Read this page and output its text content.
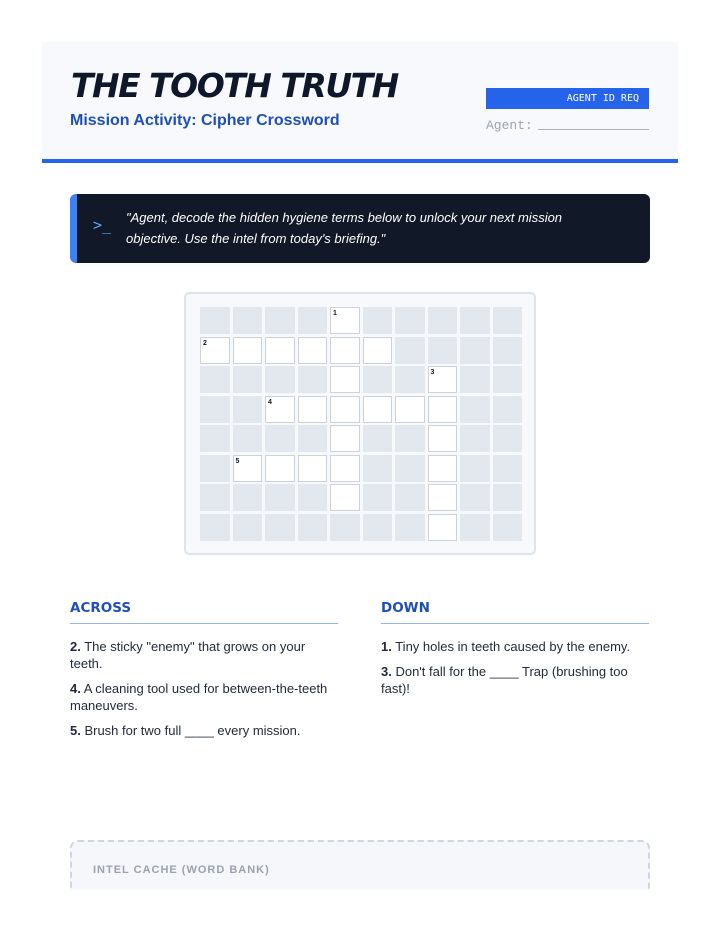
THE TOOTH TRUTH
Mission Activity: Cipher Crossword
AGENT ID REQ
Agent:
>_ "Agent, decode the hidden hygiene terms below to unlock your next mission objective. Use the intel from today's briefing."

1
2
3
4
5
ACROSS
2. The sticky "enemy" that grows on your teeth.
4. A cleaning tool used for between-the-teeth maneuvers.
5. Brush for two full ____ every mission.
DOWN
1. Tiny holes in teeth caused by the enemy.
3. Don't fall for the ____ Trap (brushing too fast)!
INTEL CACHE (WORD BANK)
